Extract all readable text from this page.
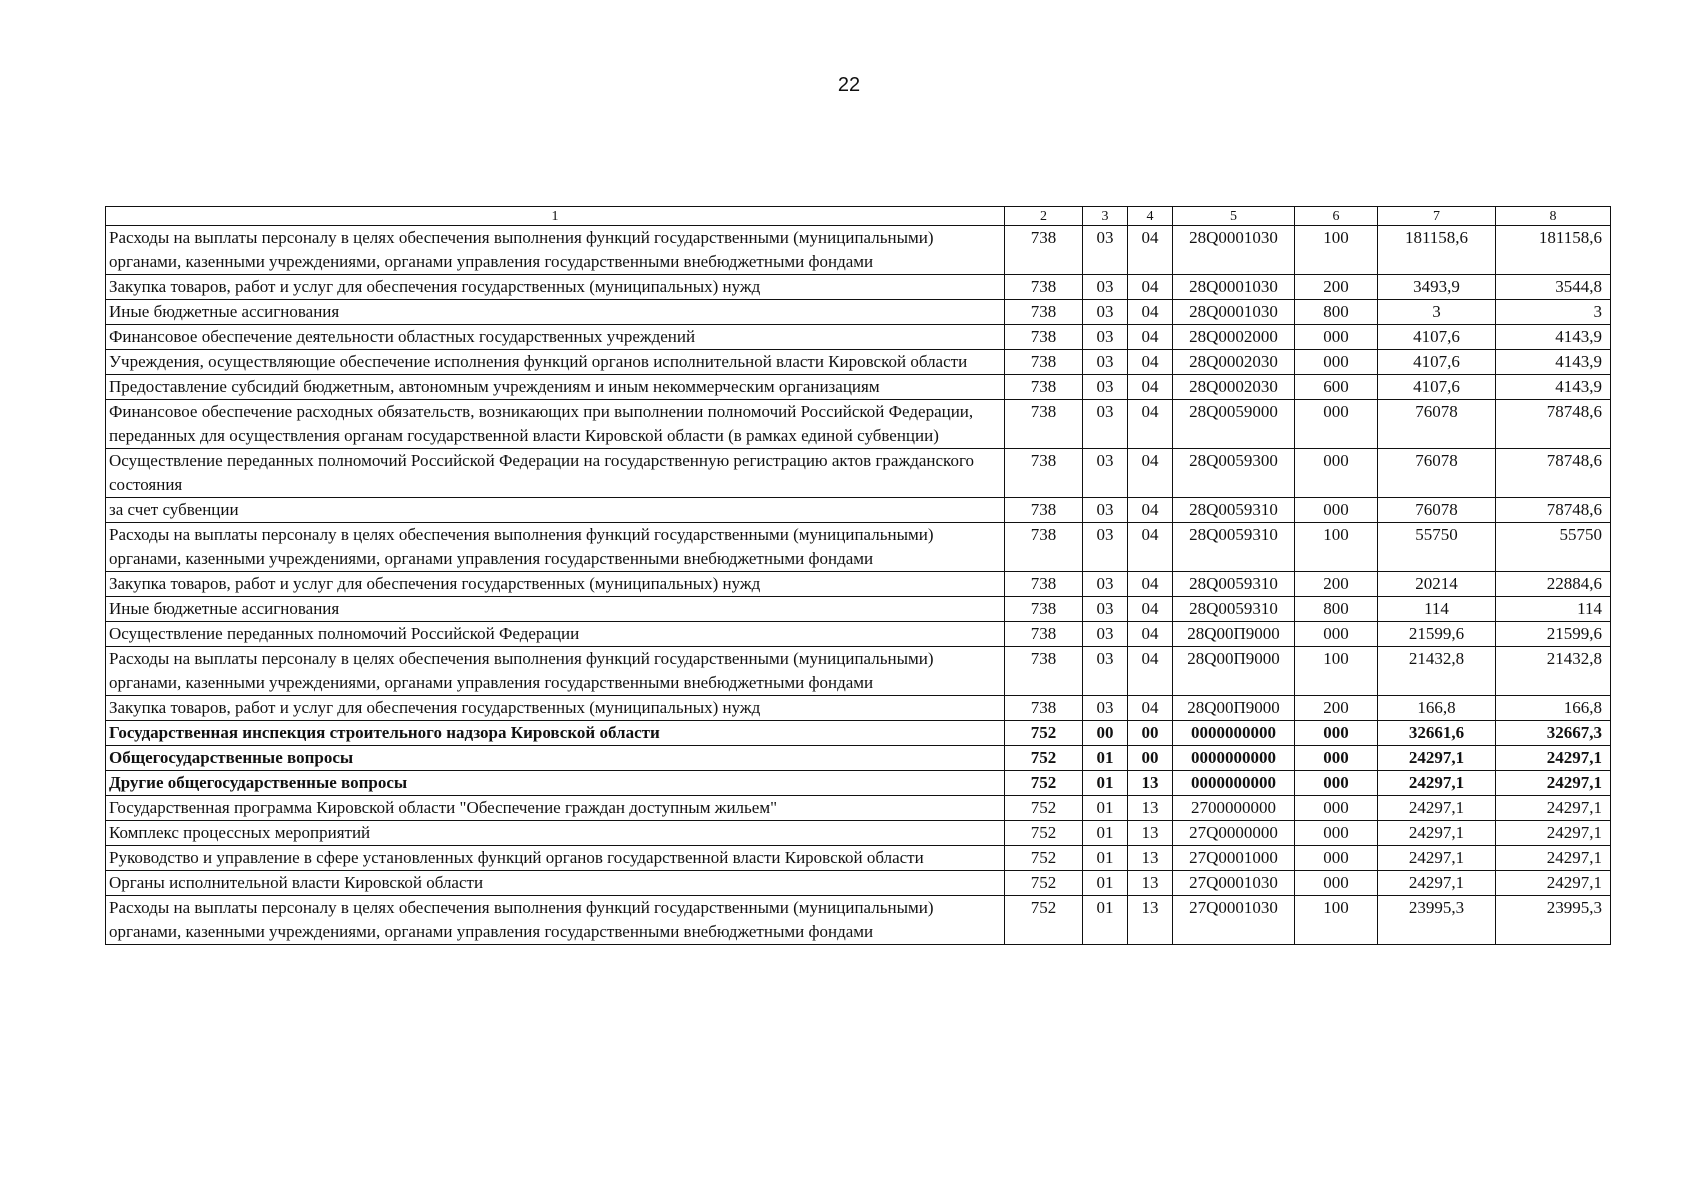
22
1	2	3	4	5	6	7	8
Расходы на выплаты персоналу в целях обеспечения выполнения функций государственными (муниципальными) органами, казенными учреждениями, органами управления государственными внебюджетными фондами	738	03	04	28Q0001030	100	181158,6	181158,6
Закупка товаров, работ и услуг для обеспечения государственных (муниципальных) нужд	738	03	04	28Q0001030	200	3493,9	3544,8
Иные бюджетные ассигнования	738	03	04	28Q0001030	800	3	3
Финансовое обеспечение деятельности областных государственных учреждений	738	03	04	28Q0002000	000	4107,6	4143,9
Учреждения, осуществляющие обеспечение исполнения функций органов исполнительной власти Кировской области	738	03	04	28Q0002030	000	4107,6	4143,9
Предоставление субсидий бюджетным, автономным учреждениям и иным некоммерческим организациям	738	03	04	28Q0002030	600	4107,6	4143,9
Финансовое обеспечение расходных обязательств, возникающих при выполнении полномочий Российской Федерации, переданных для осуществления органам государственной власти Кировской области (в рамках единой субвенции)	738	03	04	28Q0059000	000	76078	78748,6
Осуществление переданных полномочий Российской Федерации на государственную регистрацию актов гражданского состояния	738	03	04	28Q0059300	000	76078	78748,6
за счет субвенции	738	03	04	28Q0059310	000	76078	78748,6
Расходы на выплаты персоналу в целях обеспечения выполнения функций государственными (муниципальными) органами, казенными учреждениями, органами управления государственными внебюджетными фондами	738	03	04	28Q0059310	100	55750	55750
Закупка товаров, работ и услуг для обеспечения государственных (муниципальных) нужд	738	03	04	28Q0059310	200	20214	22884,6
Иные бюджетные ассигнования	738	03	04	28Q0059310	800	114	114
Осуществление переданных полномочий Российской Федерации	738	03	04	28Q00П9000	000	21599,6	21599,6
Расходы на выплаты персоналу в целях обеспечения выполнения функций государственными (муниципальными) органами, казенными учреждениями, органами управления государственными внебюджетными фондами	738	03	04	28Q00П9000	100	21432,8	21432,8
Закупка товаров, работ и услуг для обеспечения государственных (муниципальных) нужд	738	03	04	28Q00П9000	200	166,8	166,8
Государственная инспекция строительного надзора Кировской области	752	00	00	0000000000	000	32661,6	32667,3
Общегосударственные вопросы	752	01	00	0000000000	000	24297,1	24297,1
Другие общегосударственные вопросы	752	01	13	0000000000	000	24297,1	24297,1
Государственная программа Кировской области "Обеспечение граждан доступным жильем"	752	01	13	2700000000	000	24297,1	24297,1
Комплекс процессных мероприятий	752	01	13	27Q0000000	000	24297,1	24297,1
Руководство и управление в сфере установленных функций органов государственной власти Кировской области	752	01	13	27Q0001000	000	24297,1	24297,1
Органы исполнительной власти Кировской области	752	01	13	27Q0001030	000	24297,1	24297,1
Расходы на выплаты персоналу в целях обеспечения выполнения функций государственными (муниципальными) органами, казенными учреждениями, органами управления государственными внебюджетными фондами	752	01	13	27Q0001030	100	23995,3	23995,3
